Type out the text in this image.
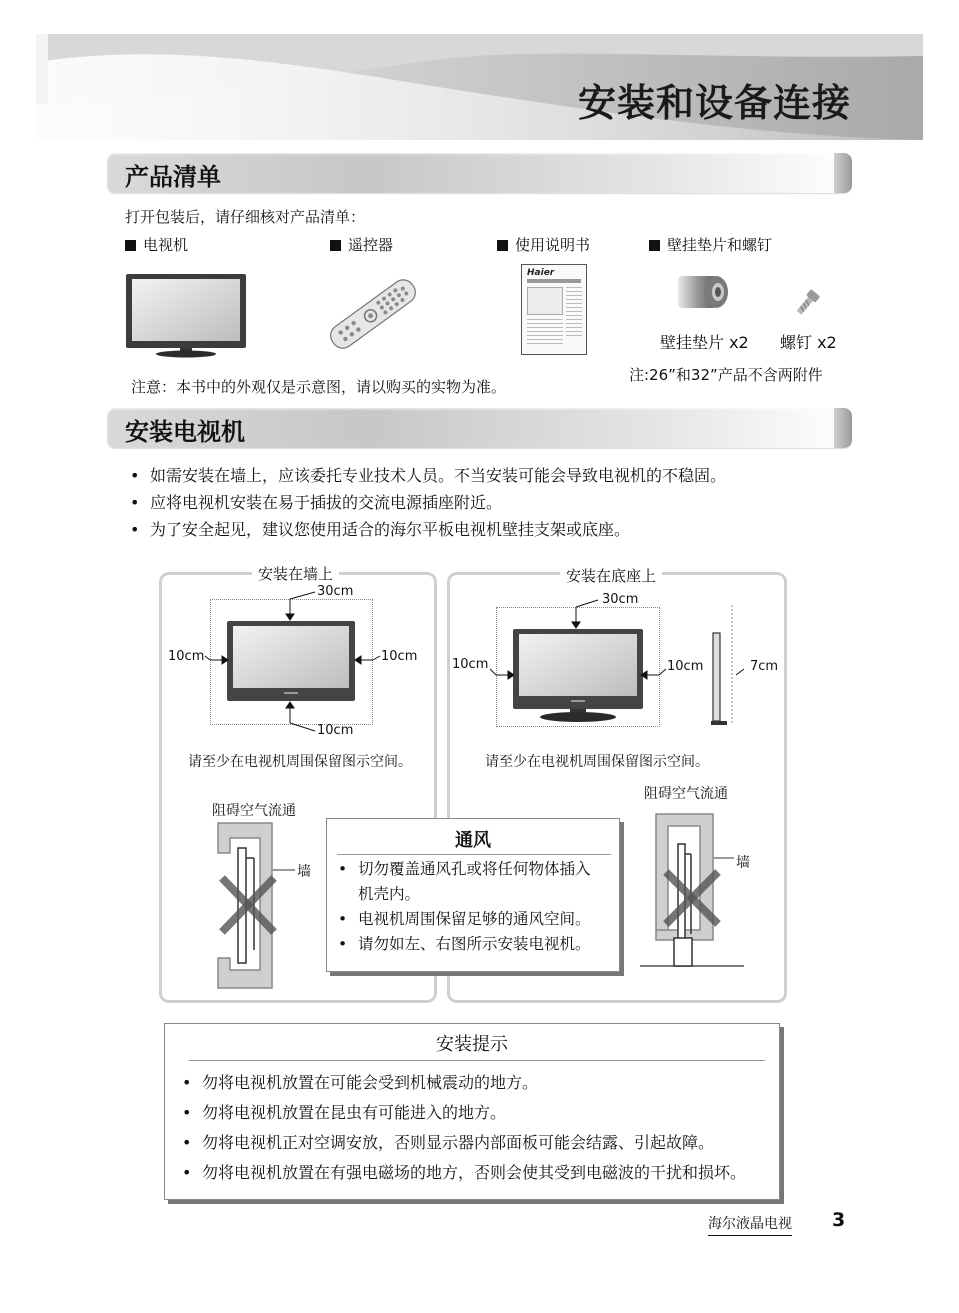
安装和设备连接
产品清单
打开包装后，请仔细核对产品清单：
电视机	遥控器	使用说明书	壁挂垫片和螺钉
Haier
壁挂垫片 x2 螺钉 x2
注意：本书中的外观仅是示意图，请以购买的实物为准。
注:26”和32”产品不含两附件
安装电视机
• 如需安装在墙上，应该委托专业技术人员。不当安装可能会导致电视机的不稳固。
• 应将电视机安装在易于插拔的交流电源插座附近。
• 为了安全起见，建议您使用适合的海尔平板电视机壁挂支架或底座。
安装在墙上
30cm
10cm	10cm
10cm
请至少在电视机周围保留图示空间。
阻碍空气流通
墙
安装在底座上
30cm
10cm	10cm	7cm
请至少在电视机周围保留图示空间。
阻碍空气流通
墙
通风
• 切勿覆盖通风孔或将任何物体插入
机壳内。
• 电视机周围保留足够的通风空间。
• 请勿如左、右图所示安装电视机。
安装提示
• 勿将电视机放置在可能会受到机械震动的地方。
• 勿将电视机放置在昆虫有可能进入的地方。
• 勿将电视机正对空调安放，否则显示器内部面板可能会结露、引起故障。
• 勿将电视机放置在有强电磁场的地方，否则会使其受到电磁波的干扰和损坏。
海尔液晶电视 3
